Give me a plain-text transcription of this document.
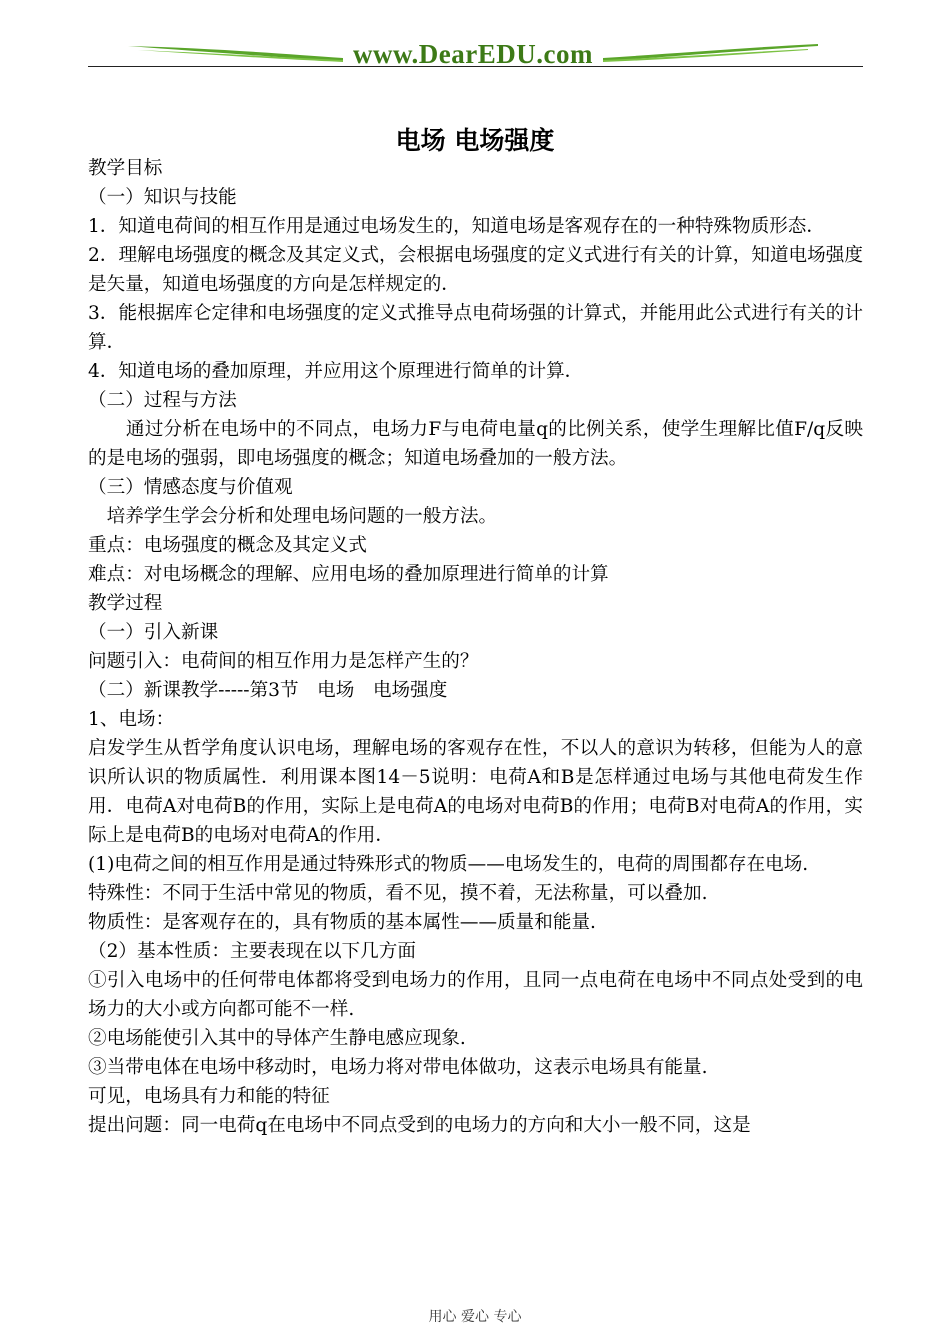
www.DearEDU.com
电场 电场强度

教学目标

（一）知识与技能

1．知道电荷间的相互作用是通过电场发生的，知道电场是客观存在的一种特殊物质形态．

2．理解电场强度的概念及其定义式，会根据电场强度的定义式进行有关的计算，知道电场强度是矢量，知道电场强度的方向是怎样规定的．

3．能根据库仑定律和电场强度的定义式推导点电荷场强的计算式，并能用此公式进行有关的计算．

4．知道电场的叠加原理，并应用这个原理进行简单的计算．

（二）过程与方法

　　通过分析在电场中的不同点，电场力F与电荷电量q的比例关系，使学生理解比值F/q反映的是电场的强弱，即电场强度的概念；知道电场叠加的一般方法。

（三）情感态度与价值观

　培养学生学会分析和处理电场问题的一般方法。

重点：电场强度的概念及其定义式

难点：对电场概念的理解、应用电场的叠加原理进行简单的计算

教学过程

（一）引入新课

问题引入：电荷间的相互作用力是怎样产生的？

（二）新课教学-----第3节　电场　电场强度

1、电场：

启发学生从哲学角度认识电场，理解电场的客观存在性，不以人的意识为转移，但能为人的意识所认识的物质属性．利用课本图14－5说明：电荷A和B是怎样通过电场与其他电荷发生作用．电荷A对电荷B的作用，实际上是电荷A的电场对电荷B的作用；电荷B对电荷A的作用，实际上是电荷B的电场对电荷A的作用．

(1)电荷之间的相互作用是通过特殊形式的物质——电场发生的，电荷的周围都存在电场.

特殊性：不同于生活中常见的物质，看不见，摸不着，无法称量，可以叠加.

物质性：是客观存在的，具有物质的基本属性——质量和能量.

（2）基本性质：主要表现在以下几方面

①引入电场中的任何带电体都将受到电场力的作用，且同一点电荷在电场中不同点处受到的电场力的大小或方向都可能不一样.

②电场能使引入其中的导体产生静电感应现象.

③当带电体在电场中移动时，电场力将对带电体做功，这表示电场具有能量.

可见，电场具有力和能的特征

提出问题：同一电荷q在电场中不同点受到的电场力的方向和大小一般不同，这是

用心 爱心 专心
